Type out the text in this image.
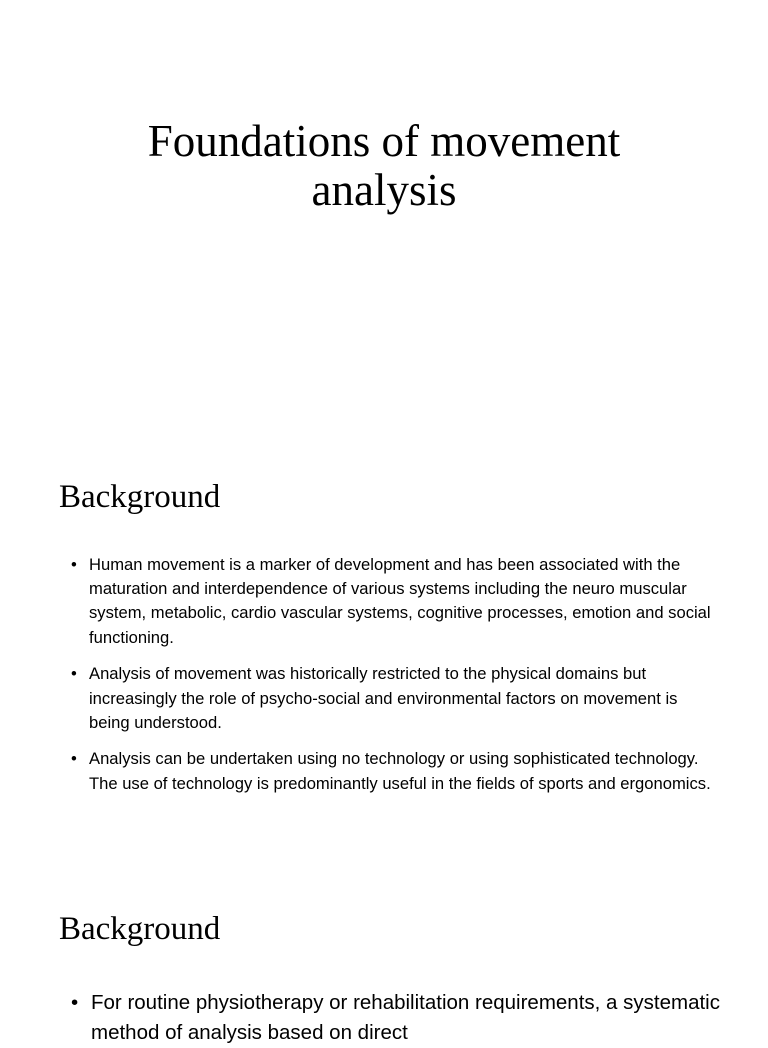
Foundations of movement
analysis
Background
• Human movement is a marker of development and has been associated with the maturation and interdependence of various systems including the neuro muscular system, metabolic, cardio vascular systems, cognitive processes, emotion and social functioning.
• Analysis of movement was historically restricted to the physical domains but increasingly the role of psycho-social and environmental factors on movement is being understood.
• Analysis can be undertaken using no technology or using sophisticated technology. The use of technology is predominantly useful in the fields of sports and ergonomics.
Background
• For routine physiotherapy or rehabilitation requirements, a systematic method of analysis based on direct
